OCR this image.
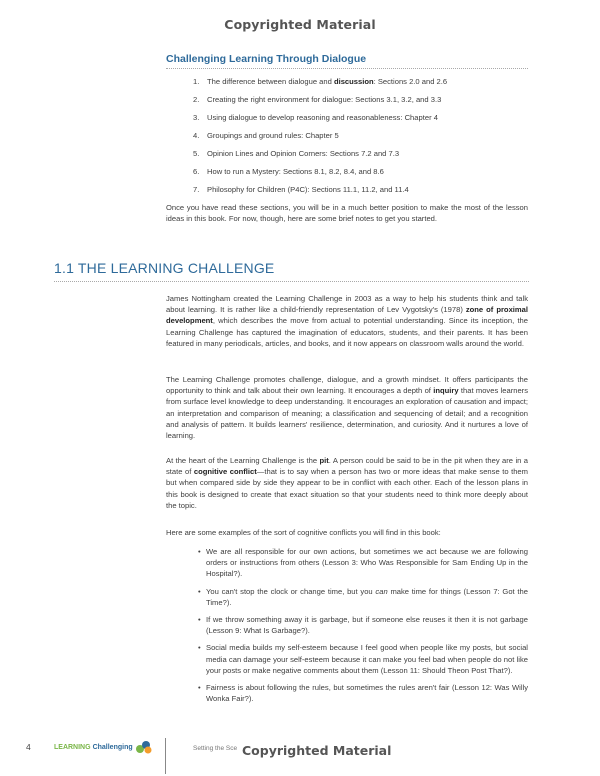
Copyrighted Material
Challenging Learning Through Dialogue
1.	The difference between dialogue and discussion: Sections 2.0 and 2.6
2.	Creating the right environment for dialogue: Sections 3.1, 3.2, and 3.3
3.	Using dialogue to develop reasoning and reasonableness: Chapter 4
4.	Groupings and ground rules: Chapter 5
5.	Opinion Lines and Opinion Corners: Sections 7.2 and 7.3
6.	How to run a Mystery: Sections 8.1, 8.2, 8.4, and 8.6
7.	Philosophy for Children (P4C): Sections 11.1, 11.2, and 11.4

Once you have read these sections, you will be in a much better position to make the most of the lesson ideas in this book. For now, though, here are some brief notes to get you started.

1.1 THE LEARNING CHALLENGE

James Nottingham created the Learning Challenge in 2003 as a way to help his students think and talk about learning. It is rather like a child-friendly representation of Lev Vygotsky's (1978) zone of proximal development, which describes the move from actual to potential understanding. Since its inception, the Learning Challenge has captured the imagination of educators, students, and their parents. It has been featured in many periodicals, articles, and books, and it now appears on classroom walls around the world.

The Learning Challenge promotes challenge, dialogue, and a growth mindset. It offers participants the opportunity to think and talk about their own learning. It encourages a depth of inquiry that moves learners from surface level knowledge to deep understanding. It encourages an exploration of causation and impact; an interpretation and comparison of meaning; a classification and sequencing of detail; and a recognition and analysis of pattern. It builds learners' resilience, determination, and curiosity. And it nurtures a love of learning.

At the heart of the Learning Challenge is the pit. A person could be said to be in the pit when they are in a state of cognitive conflict—that is to say when a person has two or more ideas that make sense to them but when compared side by side they appear to be in conflict with each other. Each of the lesson plans in this book is designed to create that exact situation so that your students need to think more deeply about the topic.

Here are some examples of the sort of cognitive conflicts you will find in this book:

• We are all responsible for our own actions, but sometimes we act because we are following orders or instructions from others (Lesson 3: Who Was Responsible for Sam Ending Up in the Hospital?).
• You can't stop the clock or change time, but you can make time for things (Lesson 7: Got the Time?).
• If we throw something away it is garbage, but if someone else reuses it then it is not garbage (Lesson 9: What Is Garbage?).
• Social media builds my self-esteem because I feel good when people like my posts, but social media can damage your self-esteem because it can make you feel bad when people do not like your posts or make negative comments about them (Lesson 11: Should Theon Post That?).
• Fairness is about following the rules, but sometimes the rules aren't fair (Lesson 12: Was Willy Wonka Fair?).
4	LEARNING Challenging	Setting the Sce Copyrighted Material
